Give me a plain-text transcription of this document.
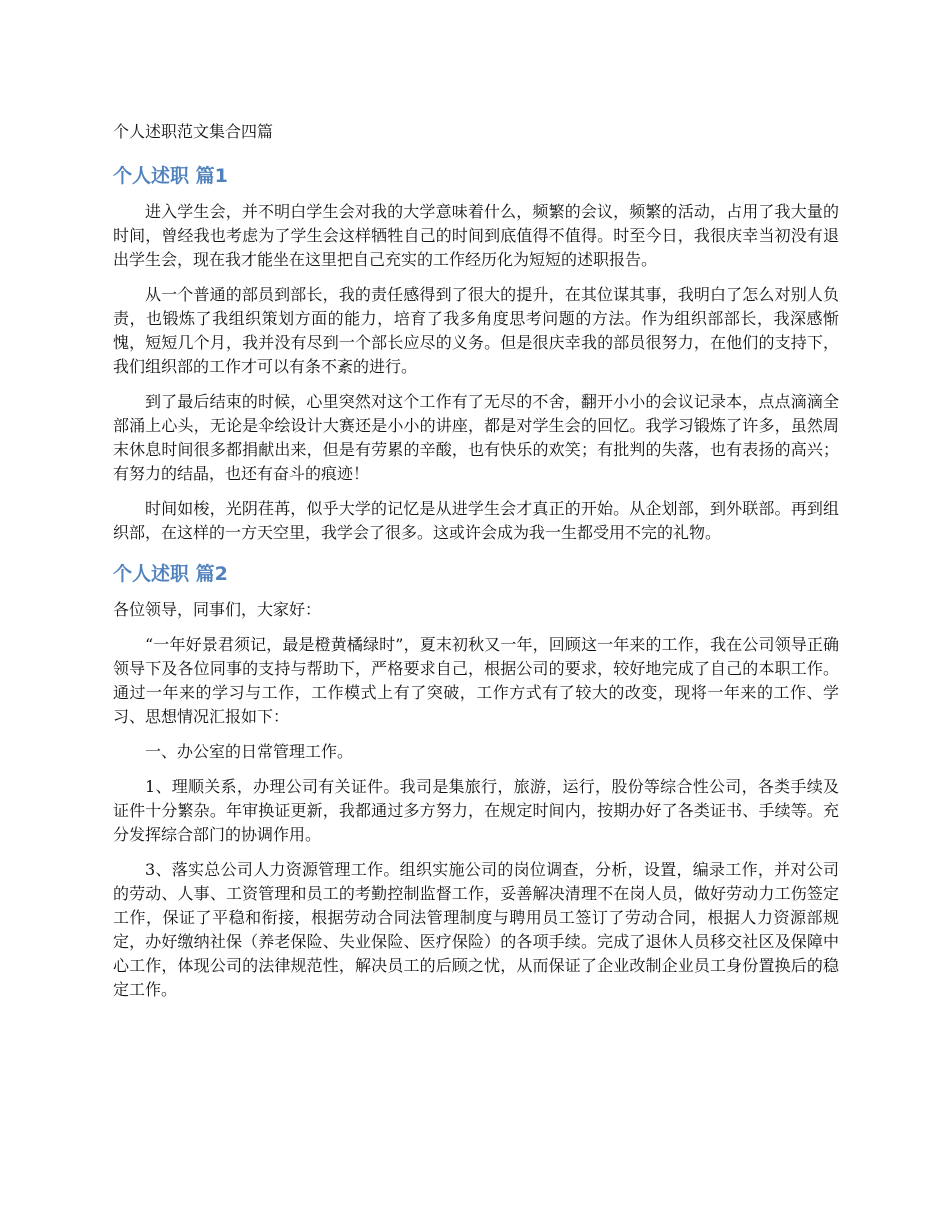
个人述职范文集合四篇
个人述职 篇1

进入学生会，并不明白学生会对我的大学意味着什么，频繁的会议，频繁的活动，占用了我大量的时间，曾经我也考虑为了学生会这样牺牲自己的时间到底值得不值得。时至今日，我很庆幸当初没有退出学生会，现在我才能坐在这里把自己充实的工作经历化为短短的述职报告。

从一个普通的部员到部长，我的责任感得到了很大的提升，在其位谋其事，我明白了怎么对别人负责，也锻炼了我组织策划方面的能力，培育了我多角度思考问题的方法。作为组织部部长，我深感惭愧，短短几个月，我并没有尽到一个部长应尽的义务。但是很庆幸我的部员很努力，在他们的支持下，我们组织部的工作才可以有条不紊的进行。

到了最后结束的时候，心里突然对这个工作有了无尽的不舍，翻开小小的会议记录本，点点滴滴全部涌上心头，无论是伞绘设计大赛还是小小的讲座，都是对学生会的回忆。我学习锻炼了许多，虽然周末休息时间很多都捐献出来，但是有劳累的辛酸，也有快乐的欢笑；有批判的失落，也有表扬的高兴；有努力的结晶，也还有奋斗的痕迹！

时间如梭，光阴荏苒，似乎大学的记忆是从进学生会才真正的开始。从企划部，到外联部。再到组织部，在这样的一方天空里，我学会了很多。这或许会成为我一生都受用不完的礼物。

个人述职 篇2

各位领导，同事们，大家好：

“一年好景君须记，最是橙黄橘绿时”，夏末初秋又一年，回顾这一年来的工作，我在公司领导正确领导下及各位同事的支持与帮助下，严格要求自己，根据公司的要求，较好地完成了自己的本职工作。通过一年来的学习与工作，工作模式上有了突破，工作方式有了较大的改变，现将一年来的工作、学习、思想情况汇报如下：

一、办公室的日常管理工作。

1、理顺关系，办理公司有关证件。我司是集旅行，旅游，运行，股份等综合性公司，各类手续及证件十分繁杂。年审换证更新，我都通过多方努力，在规定时间内，按期办好了各类证书、手续等。充分发挥综合部门的协调作用。

3、落实总公司人力资源管理工作。组织实施公司的岗位调查，分析，设置，编录工作，并对公司的劳动、人事、工资管理和员工的考勤控制监督工作，妥善解决清理不在岗人员，做好劳动力工伤签定工作，保证了平稳和衔接，根据劳动合同法管理制度与聘用员工签订了劳动合同，根据人力资源部规定，办好缴纳社保（养老保险、失业保险、医疗保险）的各项手续。完成了退休人员移交社区及保障中心工作，体现公司的法律规范性，解决员工的后顾之忧，从而保证了企业改制企业员工身份置换后的稳定工作。
